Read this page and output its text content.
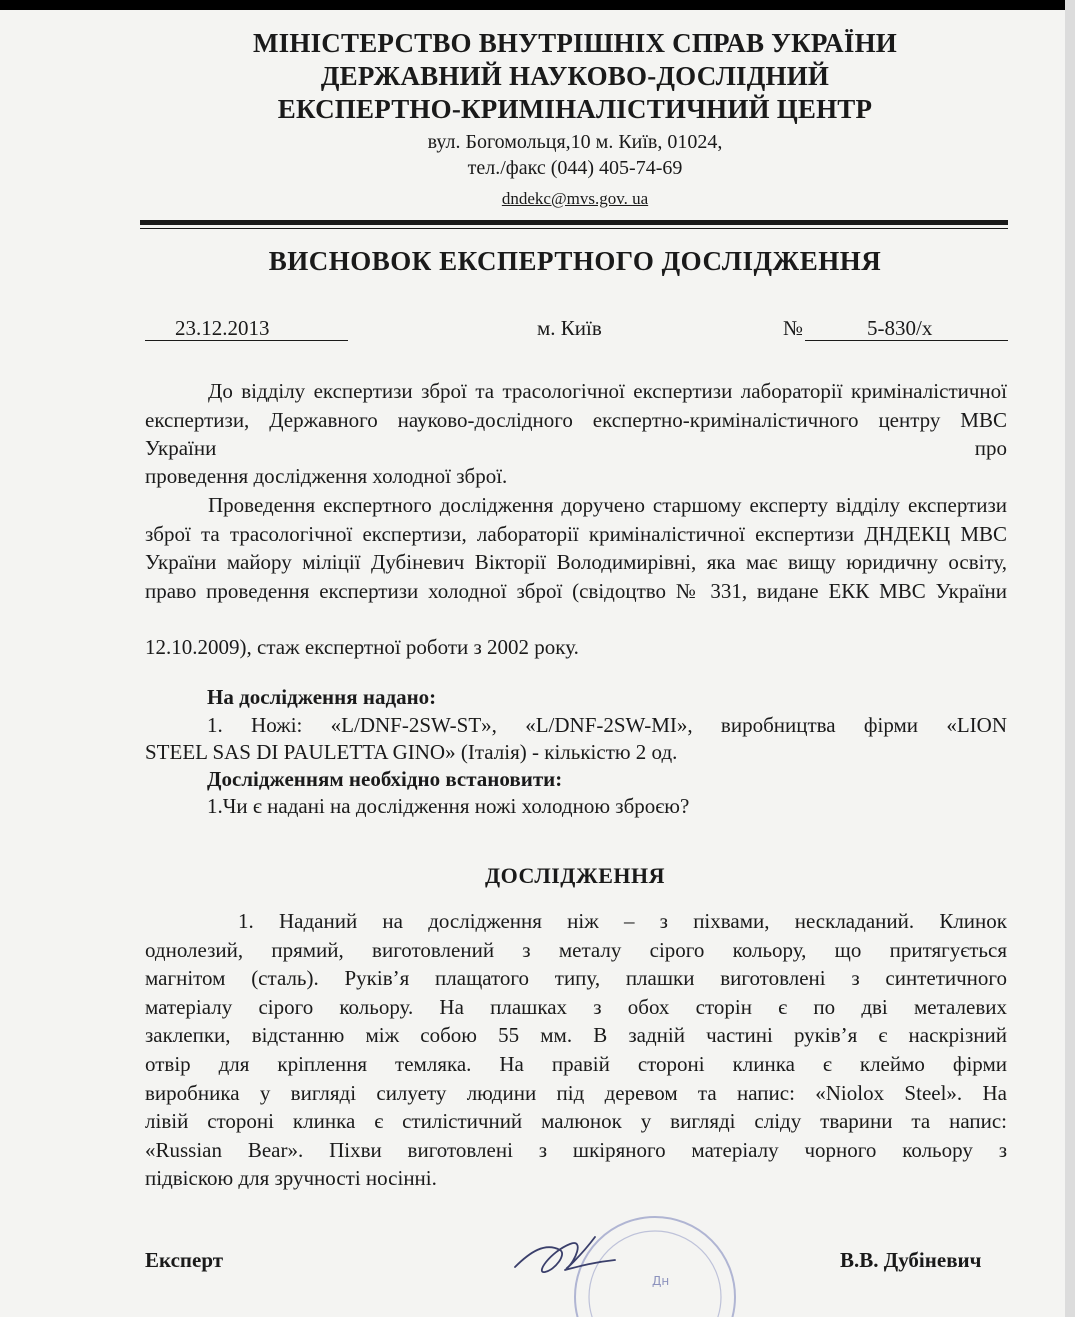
МІНІСТЕРСТВО ВНУТРІШНІХ СПРАВ УКРАЇНИ
ДЕРЖАВНИЙ НАУКОВО-ДОСЛІДНИЙ
ЕКСПЕРТНО-КРИМІНАЛІСТИЧНИЙ ЦЕНТР
вул. Богомольця,10 м. Київ, 01024,
тел./факс (044) 405-74-69
dndekc@mvs.gov. ua
ВИСНОВОК ЕКСПЕРТНОГО ДОСЛІДЖЕННЯ
23.12.2013	м. Київ	№	5-830/х
До відділу експертизи зброї та трасологічної експертизи лабораторії криміналістичної експертизи, Державного науково-дослідного експертно-криміналістичного центру МВС України про
проведення дослідження холодної зброї.
Проведення експертного дослідження доручено старшому експерту відділу експертизи зброї та трасологічної експертизи, лабораторії криміналістичної експертизи ДНДЕКЦ МВС України майору міліції Дубіневич Вікторії Володимирівні, яка має вищу юридичну освіту, право проведення експертизи холодної зброї (свідоцтво № 331, видане ЕКК МВС України
12.10.2009), стаж експертної роботи з 2002 року.
На дослідження надано:
1. Ножі: «L/DNF-2SW-ST», «L/DNF-2SW-MI», виробництва фірми «LION
STEEL SAS DI PAULETTA GINO» (Італія) - кількістю 2 од.
Дослідженням необхідно встановити:
1.Чи є надані на дослідження ножі холодною зброєю?
ДОСЛІДЖЕННЯ
1. Наданий на дослідження ніж – з піхвами, нескладаний. Клинок
однолезий, прямий, виготовлений з металу сірого кольору, що притягується
магнітом (сталь). Руків’я плащатого типу, плашки виготовлені з синтетичного
матеріалу сірого кольору. На плашках з обох сторін є по дві металевих
заклепки, відстанню між собою 55 мм. В задній частині руків’я є наскрізний
отвір для кріплення темляка. На правій стороні клинка є клеймо фірми
виробника у вигляді силуету людини під деревом та напис: «Niolox Steel». На
лівій стороні клинка є стилістичний малюнок у вигляді сліду тварини та напис:
«Russian Bear». Піхви виготовлені з шкіряного матеріалу чорного кольору з
підвіскою для зручності носінні.
Дн
Експерт	В.В. Дубіневич
